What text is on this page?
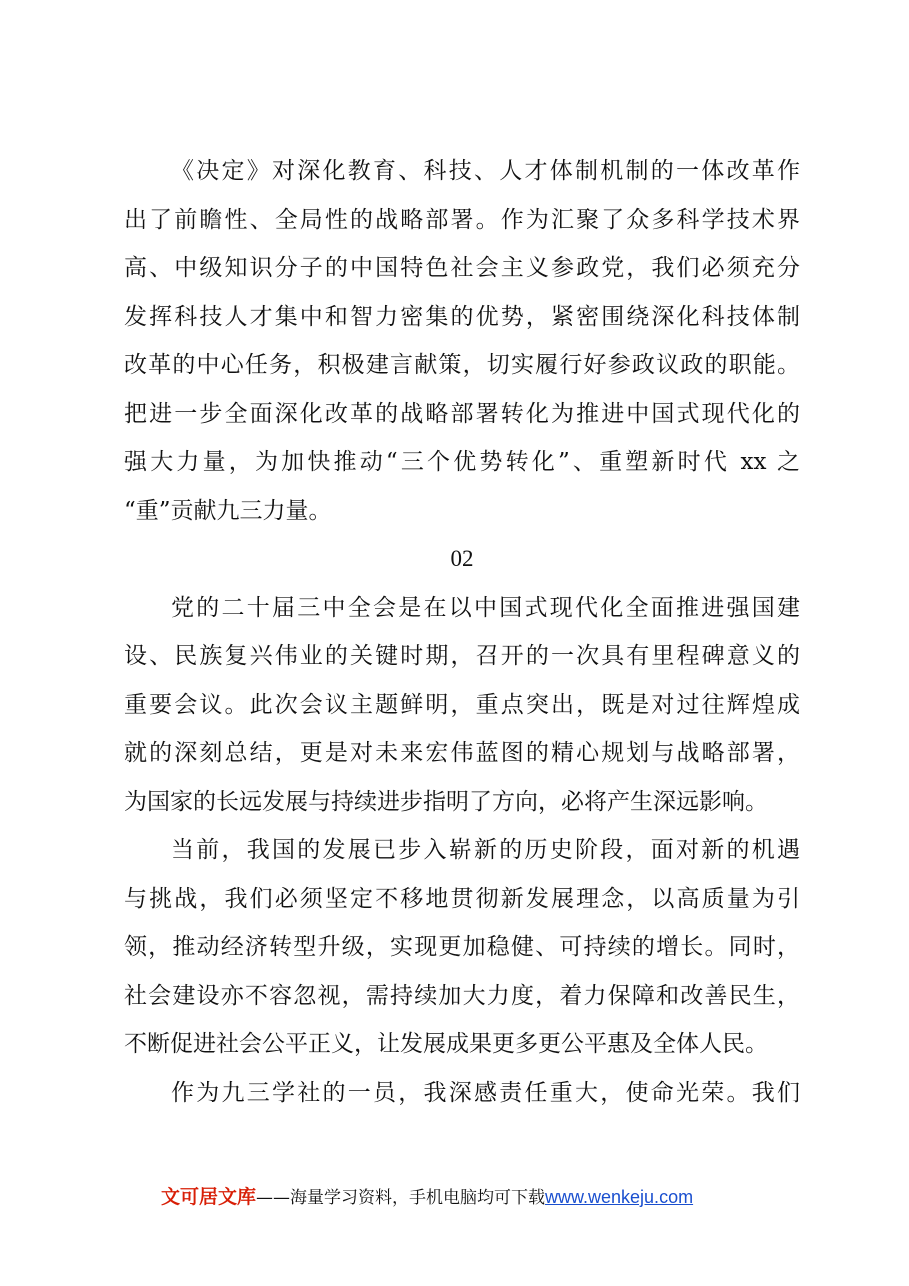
《决定》对深化教育、科技、人才体制机制的一体改革作
出了前瞻性、全局性的战略部署。作为汇聚了众多科学技术界
高、中级知识分子的中国特色社会主义参政党，我们必须充分
发挥科技人才集中和智力密集的优势，紧密围绕深化科技体制
改革的中心任务，积极建言献策，切实履行好参政议政的职能。
把进一步全面深化改革的战略部署转化为推进中国式现代化的
强大力量，为加快推动“三个优势转化”、重塑新时代 xx 之
“重”贡献九三力量。
02
党的二十届三中全会是在以中国式现代化全面推进强国建
设、民族复兴伟业的关键时期，召开的一次具有里程碑意义的
重要会议。此次会议主题鲜明，重点突出，既是对过往辉煌成
就的深刻总结，更是对未来宏伟蓝图的精心规划与战略部署，
为国家的长远发展与持续进步指明了方向，必将产生深远影响。
当前，我国的发展已步入崭新的历史阶段，面对新的机遇
与挑战，我们必须坚定不移地贯彻新发展理念，以高质量为引
领，推动经济转型升级，实现更加稳健、可持续的增长。同时，
社会建设亦不容忽视，需持续加大力度，着力保障和改善民生，
不断促进社会公平正义，让发展成果更多更公平惠及全体人民。
作为九三学社的一员，我深感责任重大，使命光荣。我们
文可居文库——海量学习资料，手机电脑均可下载www.wenkeju.com
